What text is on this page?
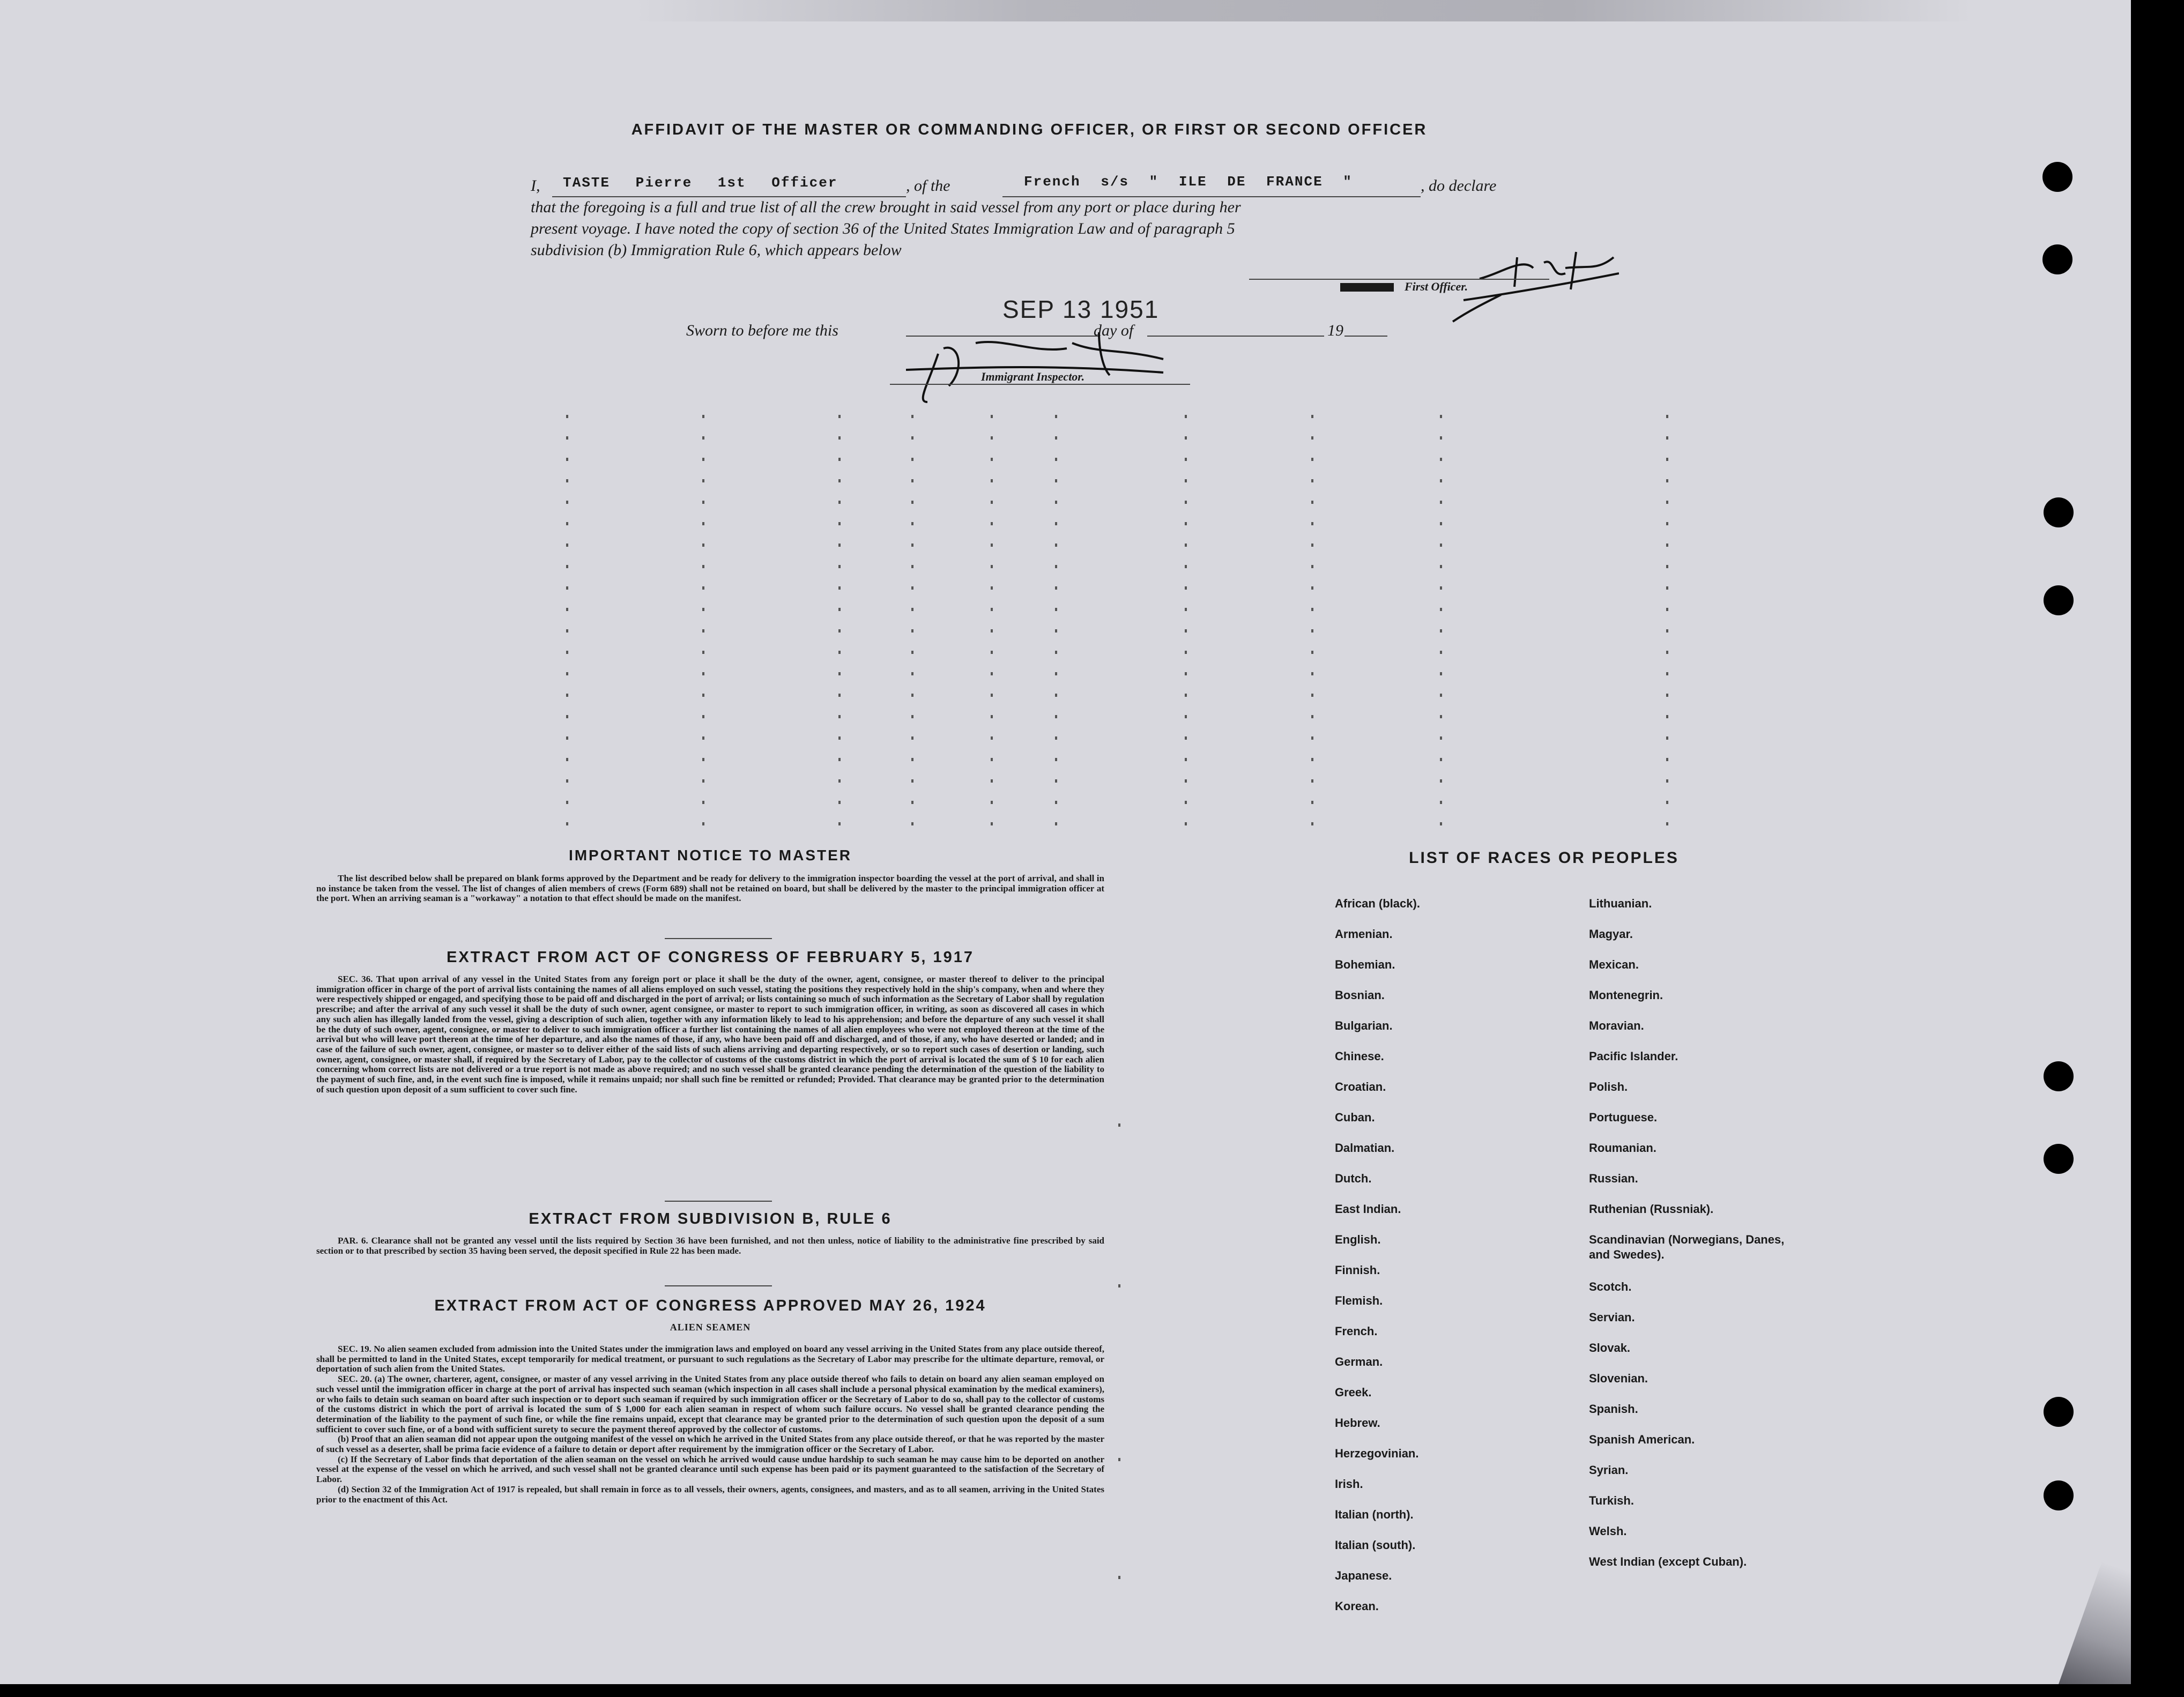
AFFIDAVIT OF THE MASTER OR COMMANDING OFFICER, OR FIRST OR SECOND OFFICER
I, TASTE Pierre 1st Officer	, of the	French s/s " ILE DE FRANCE "	, do declare
that the foregoing is a full and true list of all the crew brought in said vessel from any port or place during her
present voyage. I have noted the copy of section 36 of the United States Immigration Law and of paragraph 5
subdivision (b) Immigration Rule 6, which appears below
First Officer.
Sworn to before me this
SEP 13 1951
day of	19
Immigrant Inspector.
IMPORTANT NOTICE TO MASTER

The list described below shall be prepared on blank forms approved by the Department and be ready for delivery to the immigration inspector boarding the vessel at the port of arrival, and shall in no instance be taken from the vessel. The list of changes of alien members of crews (Form 689) shall not be retained on board, but shall be delivered by the master to the principal immigration officer at the port. When an arriving seaman is a "workaway" a notation to that effect should be made on the manifest.

EXTRACT FROM ACT OF CONGRESS OF FEBRUARY 5, 1917

SEC. 36. That upon arrival of any vessel in the United States from any foreign port or place it shall be the duty of the owner, agent, consignee, or master thereof to deliver to the principal immigration officer in charge of the port of arrival lists containing the names of all aliens employed on such vessel, stating the positions they respectively hold in the ship's company, when and where they were respectively shipped or engaged, and specifying those to be paid off and discharged in the port of arrival; or lists containing so much of such information as the Secretary of Labor shall by regulation prescribe; and after the arrival of any such vessel it shall be the duty of such owner, agent consignee, or master to report to such immigration officer, in writing, as soon as discovered all cases in which any such alien has illegally landed from the vessel, giving a description of such alien, together with any information likely to lead to his apprehension; and before the departure of any such vessel it shall be the duty of such owner, agent, consignee, or master to deliver to such immigration officer a further list containing the names of all alien employees who were not employed thereon at the time of the arrival but who will leave port thereon at the time of her departure, and also the names of those, if any, who have been paid off and discharged, and of those, if any, who have deserted or landed; and in case of the failure of such owner, agent, consignee, or master so to deliver either of the said lists of such aliens arriving and departing respectively, or so to report such cases of desertion or landing, such owner, agent, consignee, or master shall, if required by the Secretary of Labor, pay to the collector of customs of the customs district in which the port of arrival is located the sum of $ 10 for each alien concerning whom correct lists are not delivered or a true report is not made as above required; and no such vessel shall be granted clearance pending the determination of the question of the liability to the payment of such fine, and, in the event such fine is imposed, while it remains unpaid; nor shall such fine be remitted or refunded; Provided. That clearance may be granted prior to the determination of such question upon deposit of a sum sufficient to cover such fine.

EXTRACT FROM SUBDIVISION B, RULE 6

PAR. 6. Clearance shall not be granted any vessel until the lists required by Section 36 have been furnished, and not then unless, notice of liability to the administrative fine prescribed by said section or to that prescribed by section 35 having been served, the deposit specified in Rule 22 has been made.

EXTRACT FROM ACT OF CONGRESS APPROVED MAY 26, 1924
ALIEN SEAMEN

SEC. 19. No alien seamen excluded from admission into the United States under the immigration laws and employed on board any vessel arriving in the United States from any place outside thereof, shall be permitted to land in the United States, except temporarily for medical treatment, or pursuant to such regulations as the Secretary of Labor may prescribe for the ultimate departure, removal, or deportation of such alien from the United States.

SEC. 20. (a) The owner, charterer, agent, consignee, or master of any vessel arriving in the United States from any place outside thereof who fails to detain on board any alien seaman employed on such vessel until the immigration officer in charge at the port of arrival has inspected such seaman (which inspection in all cases shall include a personal physical examination by the medical examiners), or who fails to detain such seaman on board after such inspection or to deport such seaman if required by such immigration officer or the Secretary of Labor to do so, shall pay to the collector of customs of the customs district in which the port of arrival is located the sum of $ 1,000 for each alien seaman in respect of whom such failure occurs. No vessel shall be granted clearance pending the determination of the liability to the payment of such fine, or while the fine remains unpaid, except that clearance may be granted prior to the determination of such question upon the deposit of a sum sufficient to cover such fine, or of a bond with sufficient surety to secure the payment thereof approved by the collector of customs.

(b) Proof that an alien seaman did not appear upon the outgoing manifest of the vessel on which he arrived in the United States from any place outside thereof, or that he was reported by the master of such vessel as a deserter, shall be prima facie evidence of a failure to detain or deport after requirement by the immigration officer or the Secretary of Labor.

(c) If the Secretary of Labor finds that deportation of the alien seaman on the vessel on which he arrived would cause undue hardship to such seaman he may cause him to be deported on another vessel at the expense of the vessel on which he arrived, and such vessel shall not be granted clearance until such expense has been paid or its payment guaranteed to the satisfaction of the Secretary of Labor.

(d) Section 32 of the Immigration Act of 1917 is repealed, but shall remain in force as to all vessels, their owners, agents, consignees, and masters, and as to all seamen, arriving in the United States prior to the enactment of this Act.

LIST OF RACES OR PEOPLES
African (black).
Armenian.
Bohemian.
Bosnian.
Bulgarian.
Chinese.
Croatian.
Cuban.
Dalmatian.
Dutch.
East Indian.
English.
Finnish.
Flemish.
French.
German.
Greek.
Hebrew.
Herzegovinian.
Irish.
Italian (north).
Italian (south).
Japanese.
Korean.
Lithuanian.
Magyar.
Mexican.
Montenegrin.
Moravian.
Pacific Islander.
Polish.
Portuguese.
Roumanian.
Russian.
Ruthenian (Russniak).
Scandinavian (Norwegians, Danes, and Swedes).
Scotch.
Servian.
Slovak.
Slovenian.
Spanish.
Spanish American.
Syrian.
Turkish.
Welsh.
West Indian (except Cuban).
